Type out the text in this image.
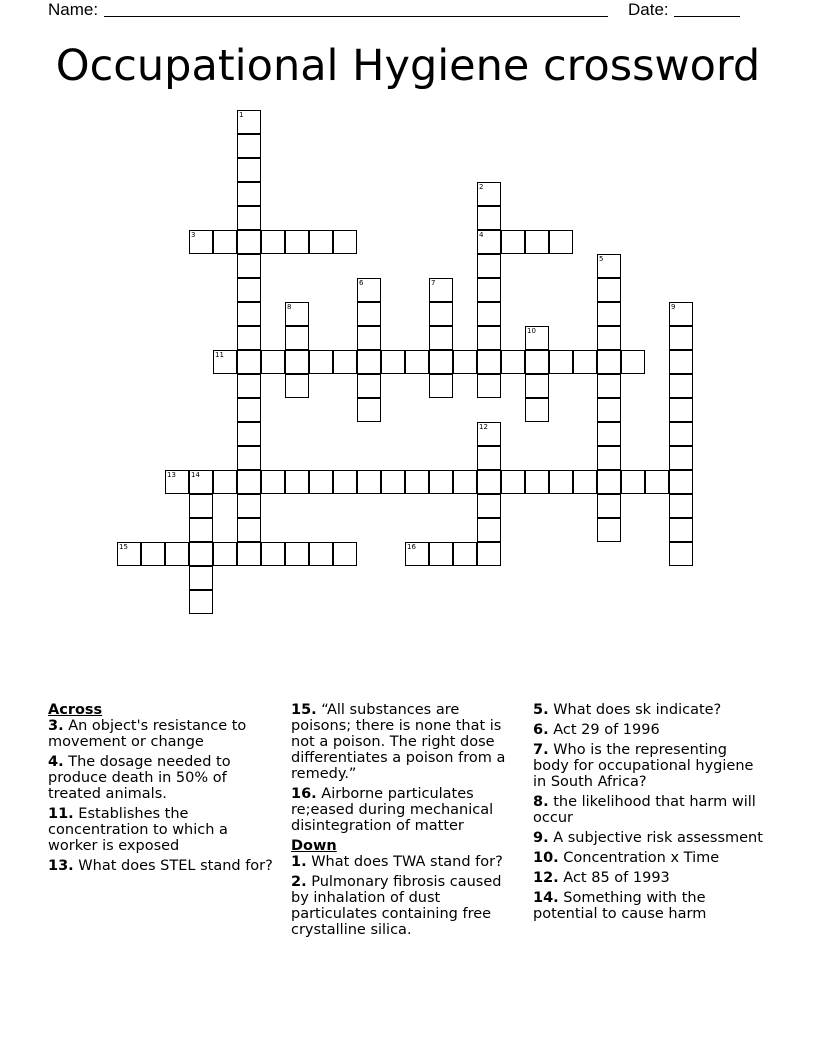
Name:	Date:
Occupational Hygiene crossword
1
2
4
3
5
6	7
8	9
10
11
12
13 14
15	16
Across
3. An object's resistance to movement or change
4. The dosage needed to produce death in 50% of treated animals.
11. Establishes the concentration to which a worker is exposed
13. What does STEL stand for?
15. “All substances are poisons; there is none that is not a poison. The right dose differentiates a poison from a remedy.”
16. Airborne particulates re;eased during mechanical disintegration of matter
Down
1. What does TWA stand for?
2. Pulmonary fibrosis caused by inhalation of dust particulates containing free crystalline silica.
5. What does sk indicate?
6. Act 29 of 1996
7. Who is the representing body for occupational hygiene in South Africa?
8. the likelihood that harm will occur
9. A subjective risk assessment
10. Concentration x Time
12. Act 85 of 1993
14. Something with the potential to cause harm
